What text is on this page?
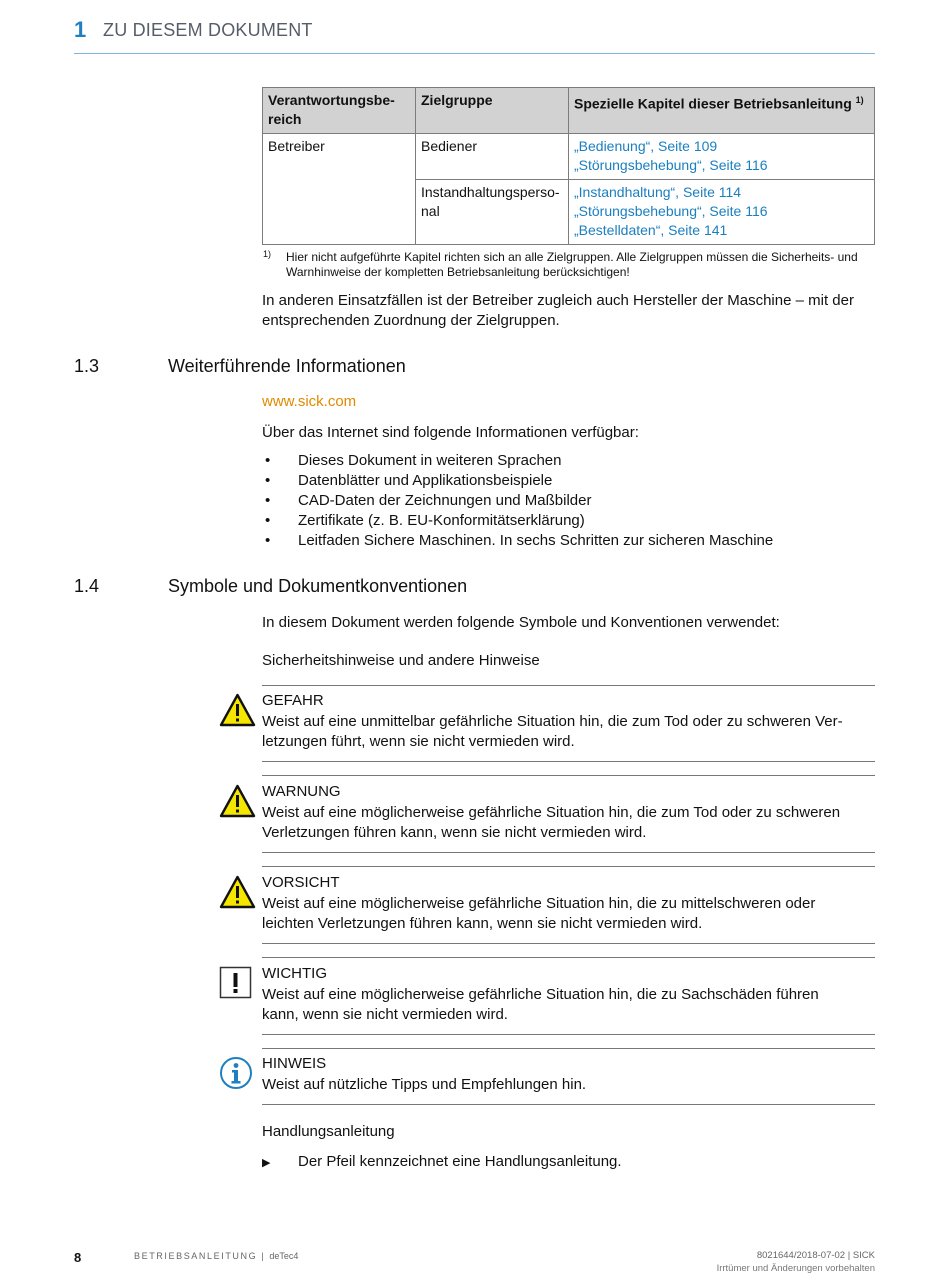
1 ZU DIESEM DOKUMENT
Verantwortungsbe-
reich	Zielgruppe	Spezielle Kapitel dieser Betriebsanleitung $^{1)}$
Betreiber	Bediener	„Bedienung“, Seite 109
„Störungsbehebung“, Seite 116

	Instandhaltungsperso-
nal	„Instandhaltung“, Seite 114
„Störungsbehebung“, Seite 116
„Bestelldaten“, Seite 141
1) Hier nicht aufgeführte Kapitel richten sich an alle Zielgruppen. Alle Zielgruppen müssen die Sicherheits- und Warnhinweise der kompletten Betriebsanleitung berücksichtigen!
In anderen Einsatzfällen ist der Betreiber zugleich auch Hersteller der Maschine – mit der entsprechenden Zuordnung der Zielgruppen.
1.3	Weiterführende Informationen
www.sick.com
Über das Internet sind folgende Informationen verfügbar:
• Dieses Dokument in weiteren Sprachen
• Datenblätter und Applikationsbeispiele
• CAD-Daten der Zeichnungen und Maßbilder
• Zertifikate (z. B. EU-Konformitätserklärung)
• Leitfaden Sichere Maschinen. In sechs Schritten zur sicheren Maschine
1.4	Symbole und Dokumentkonventionen
In diesem Dokument werden folgende Symbole und Konventionen verwendet:
Sicherheitshinweise und andere Hinweise
GEFAHR
Weist auf eine unmittelbar gefährliche Situation hin, die zum Tod oder zu schweren Ver-
letzungen führt, wenn sie nicht vermieden wird.
WARNUNG
Weist auf eine möglicherweise gefährliche Situation hin, die zum Tod oder zu schweren
Verletzungen führen kann, wenn sie nicht vermieden wird.
VORSICHT
Weist auf eine möglicherweise gefährliche Situation hin, die zu mittelschweren oder
leichten Verletzungen führen kann, wenn sie nicht vermieden wird.
WICHTIG
Weist auf eine möglicherweise gefährliche Situation hin, die zu Sachschäden führen
kann, wenn sie nicht vermieden wird.
HINWEIS
Weist auf nützliche Tipps und Empfehlungen hin.
Handlungsanleitung
▶ Der Pfeil kennzeichnet eine Handlungsanleitung.
8	BETRIEBSANLEITUNG | deTec4	8021644/2018-07-02 | SICK
Irrtümer und Änderungen vorbehalten
